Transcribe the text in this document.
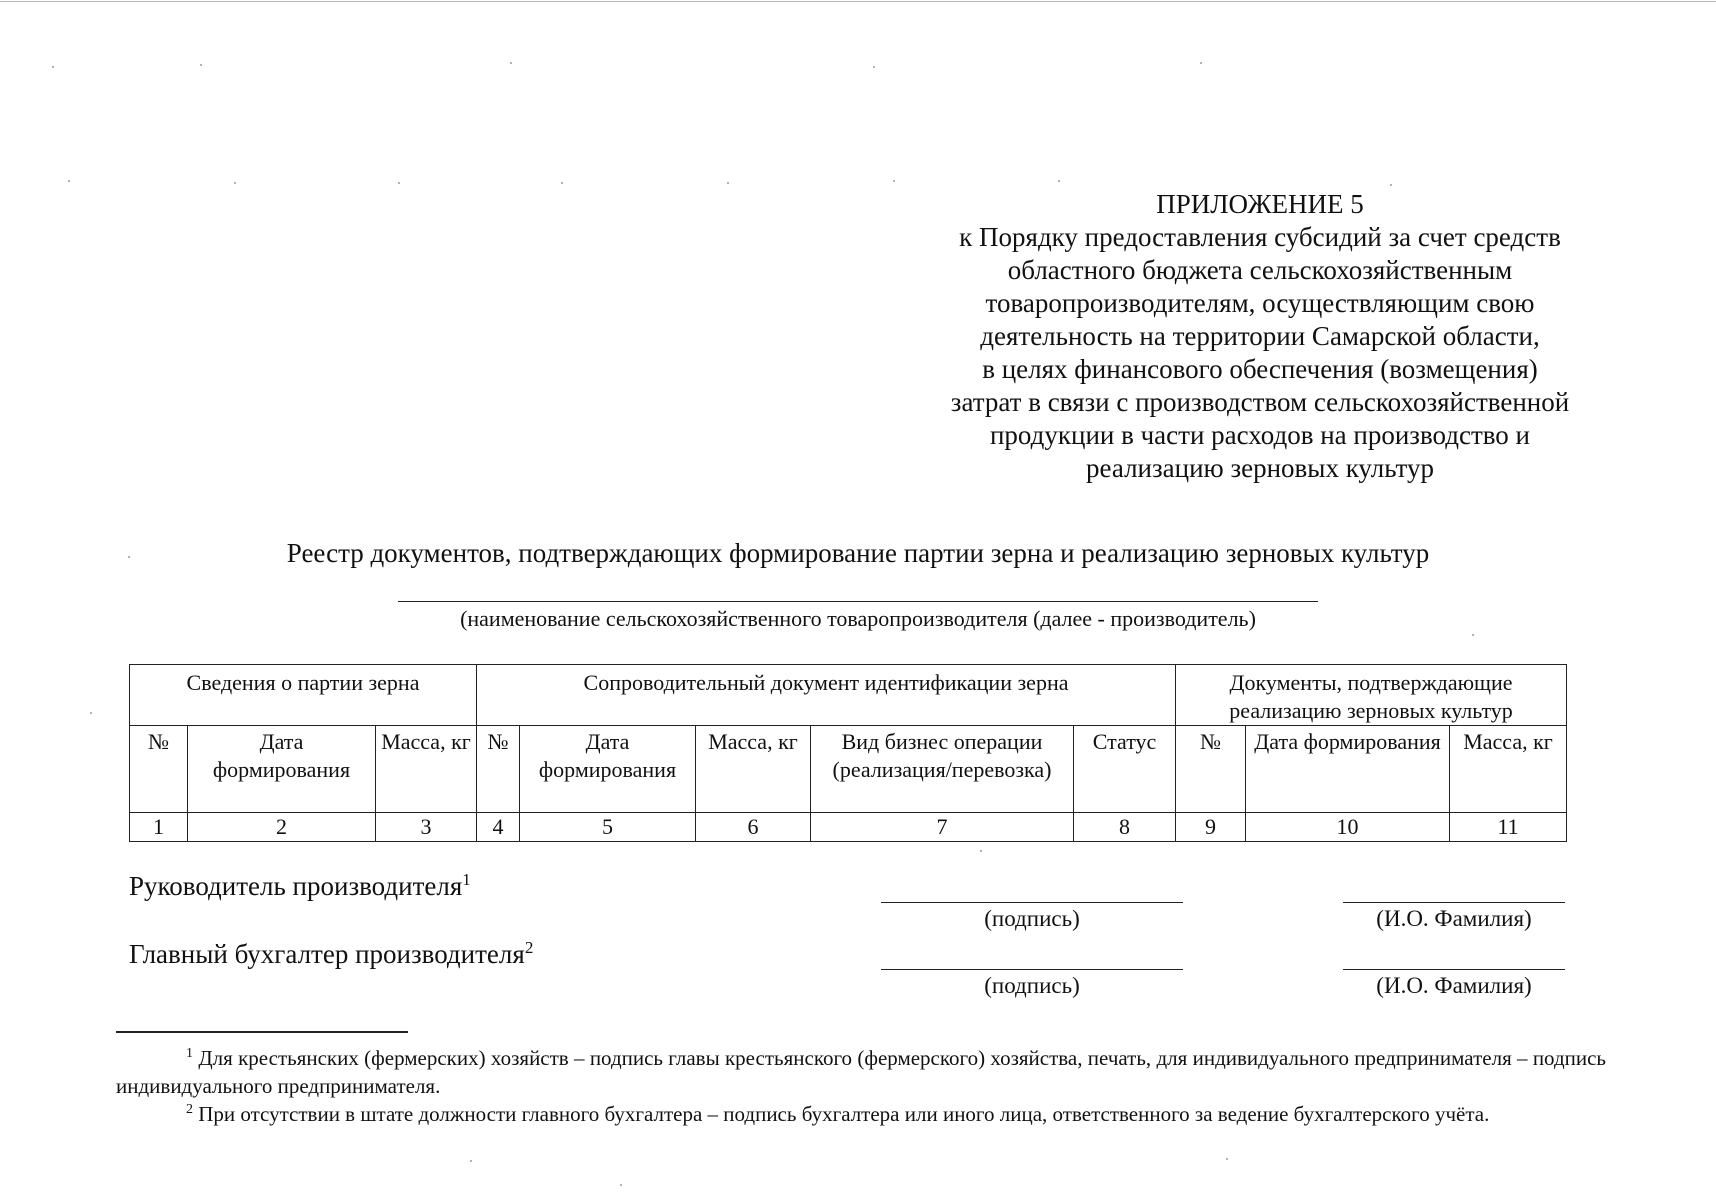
ПРИЛОЖЕНИЕ 5
к Порядку предоставления субсидий за счет средств
областного бюджета сельскохозяйственным
товаропроизводителям, осуществляющим свою
деятельность на территории Самарской области,
в целях финансового обеспечения (возмещения)
затрат в связи с производством сельскохозяйственной
продукции в части расходов на производство и
реализацию зерновых культур
Реестр документов, подтверждающих формирование партии зерна и реализацию зерновых культур
(наименование сельскохозяйственного товаропроизводителя (далее - производитель)
Сведения о партии зерна			Сопроводительный документ идентификации зерна					Документы, подтверждающие реализацию зерновых культур		
№	Дата формирования	Масса, кг	№	Дата формирования	Масса, кг	Вид бизнес операции (реализация/перевозка)	Статус	№	Дата формирования	Масса, кг
1	2	3	4	5	6	7	8	9	10	11
Руководитель производителя$^1$
(подпись)	(И.О. Фамилия)
Главный бухгалтер производителя$^2$
(подпись)	(И.О. Фамилия)
$^1$ Для крестьянских (фермерских) хозяйств – подпись главы крестьянского (фермерского) хозяйства, печать, для индивидуального предпринимателя – подпись индивидуального предпринимателя.
$^2$ При отсутствии в штате должности главного бухгалтера – подпись бухгалтера или иного лица, ответственного за ведение бухгалтерского учёта.
